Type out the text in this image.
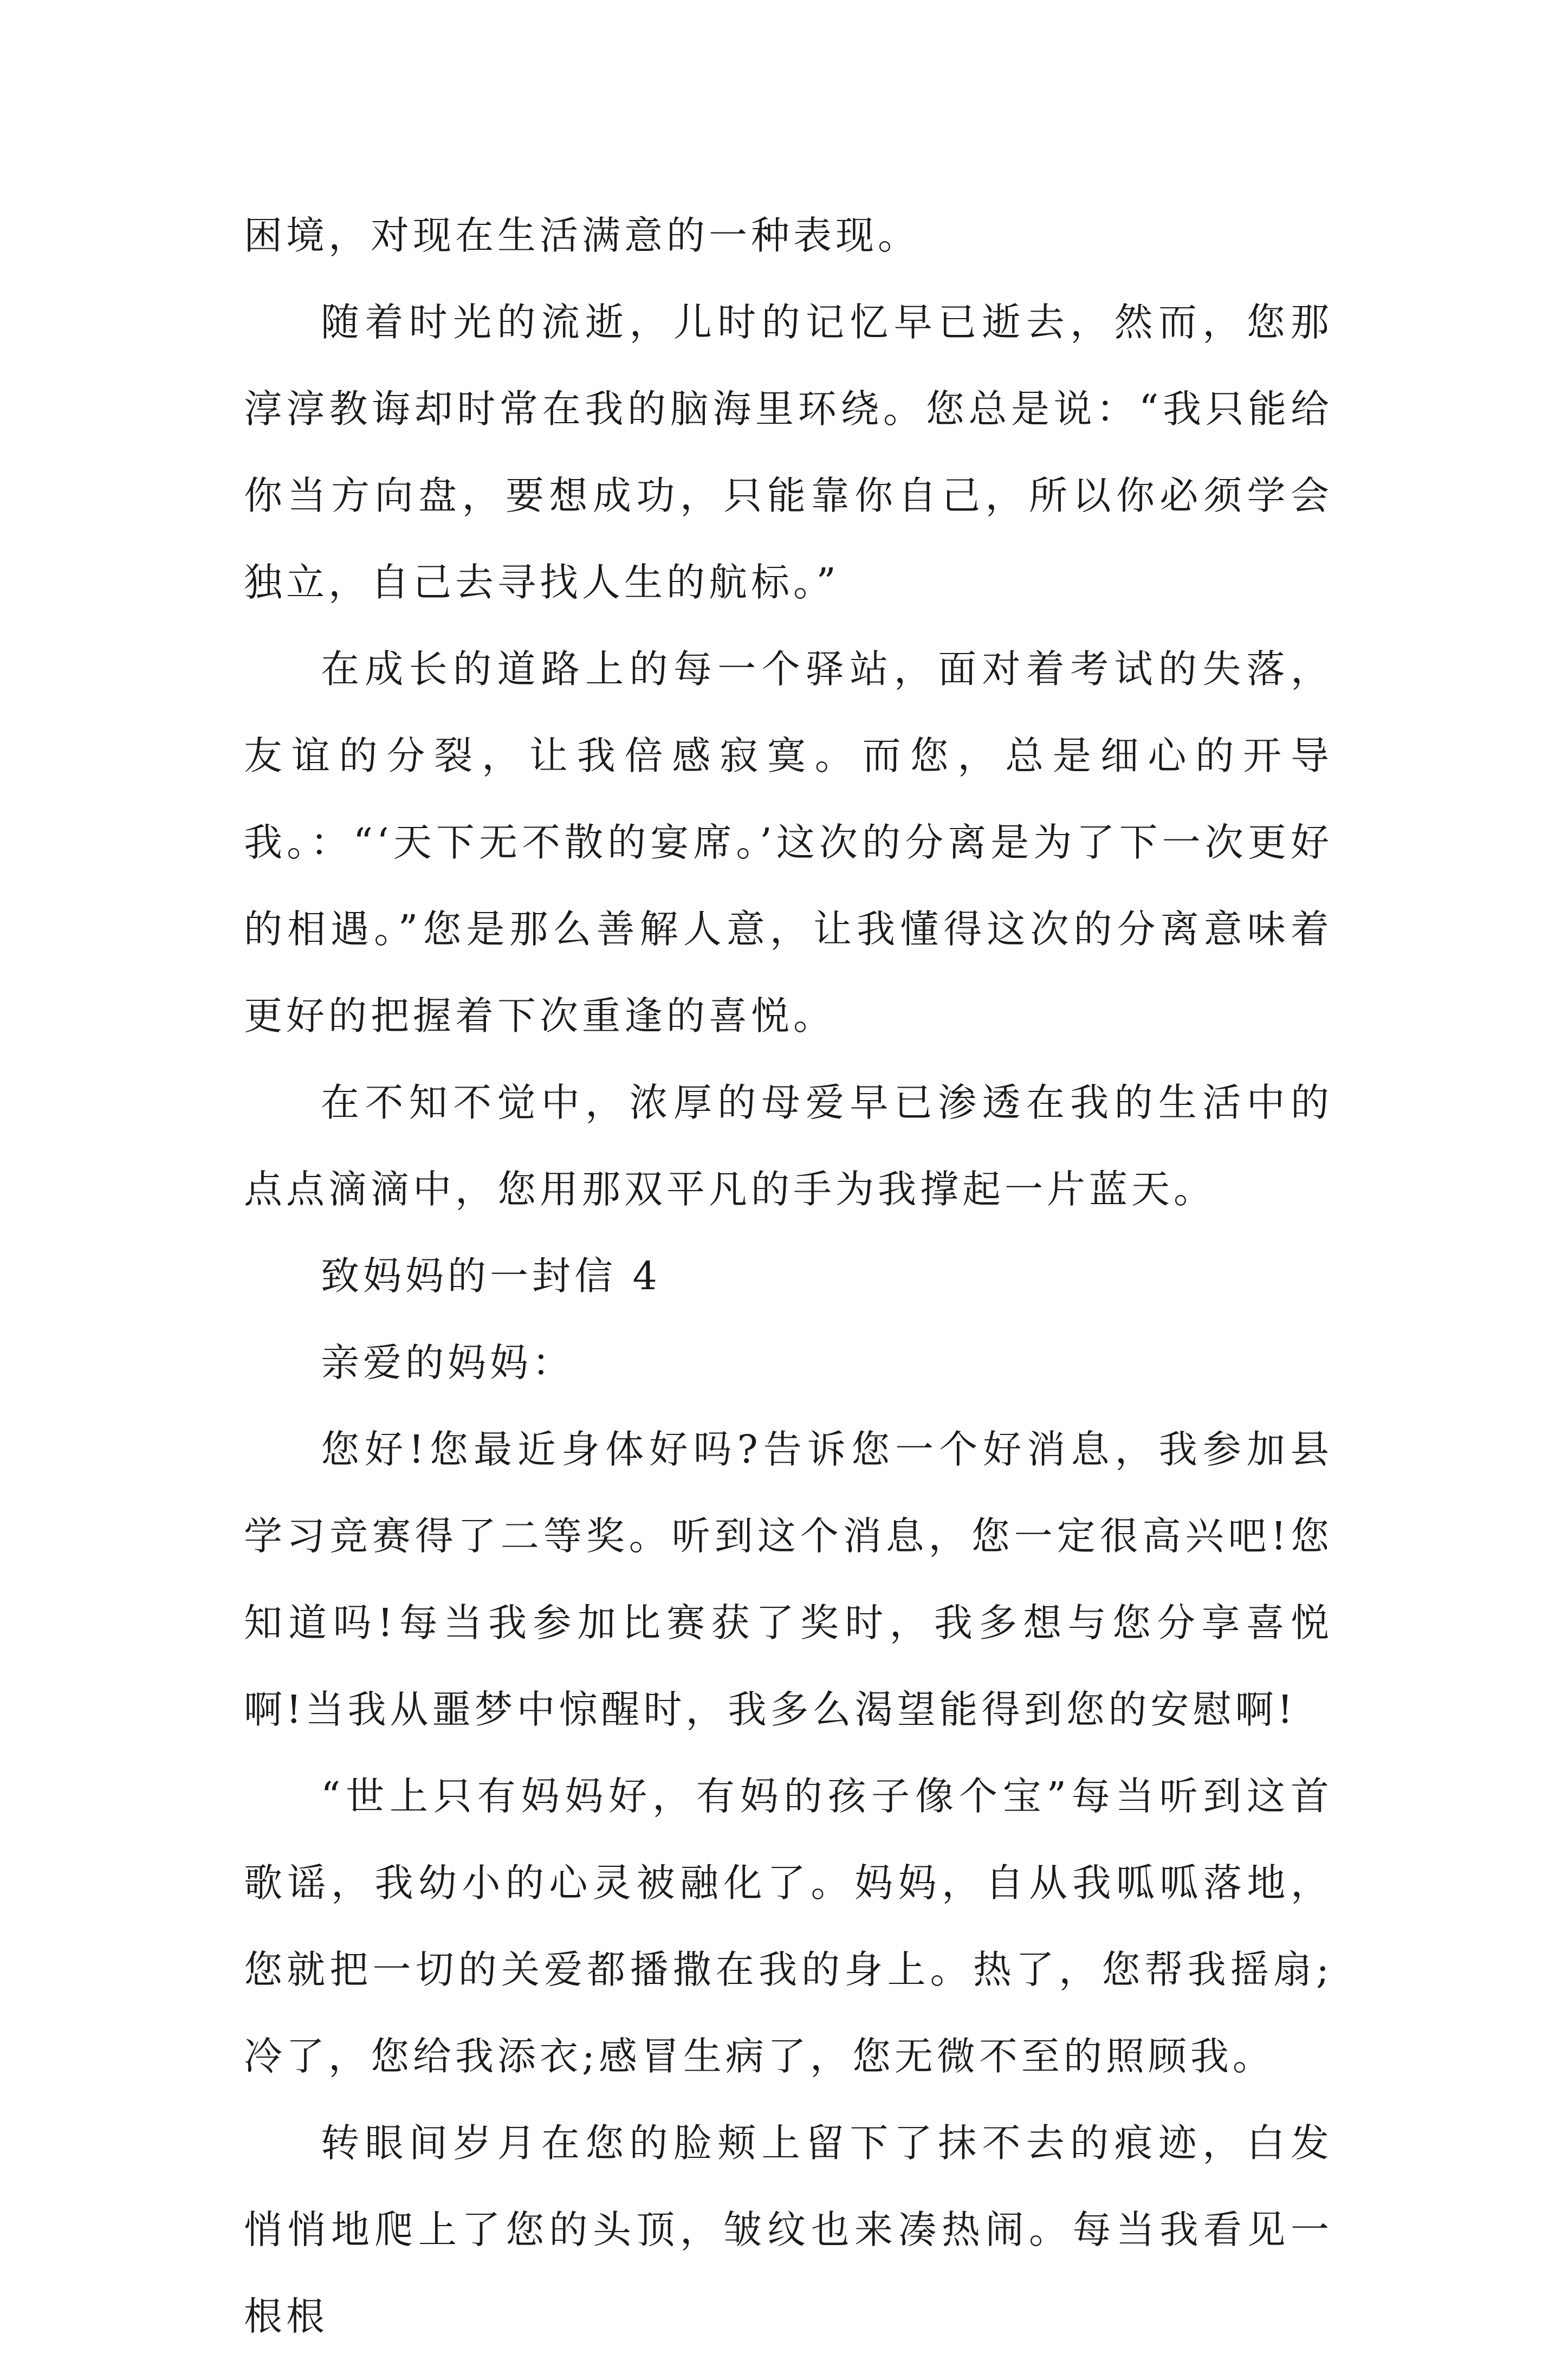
困境，对现在生活满意的一种表现。

随着时光的流逝，儿时的记忆早已逝去，然而，您那淳淳教诲却时常在我的脑海里环绕。您总是说：“我只能给你当方向盘，要想成功，只能靠你自己，所以你必须学会独立，自己去寻找人生的航标。”

在成长的道路上的每一个驿站，面对着考试的失落，友谊的分裂，让我倍感寂寞。而您，总是细心的开导我。：“‘天下无不散的宴席。’这次的分离是为了下一次更好的相遇。”您是那么善解人意，让我懂得这次的分离意味着更好的把握着下次重逢的喜悦。

在不知不觉中，浓厚的母爱早已渗透在我的生活中的点点滴滴中，您用那双平凡的手为我撑起一片蓝天。

致妈妈的一封信 4

亲爱的妈妈：

您好!您最近身体好吗?告诉您一个好消息，我参加县学习竞赛得了二等奖。听到这个消息，您一定很高兴吧!您知道吗!每当我参加比赛获了奖时，我多想与您分享喜悦啊!当我从噩梦中惊醒时，我多么渴望能得到您的安慰啊!

“世上只有妈妈好，有妈的孩子像个宝”每当听到这首歌谣，我幼小的心灵被融化了。妈妈，自从我呱呱落地，您就把一切的关爱都播撒在我的身上。热了，您帮我摇扇;冷了，您给我添衣;感冒生病了，您无微不至的照顾我。

转眼间岁月在您的脸颊上留下了抹不去的痕迹，白发悄悄地爬上了您的头顶，皱纹也来凑热闹。每当我看见一根根
